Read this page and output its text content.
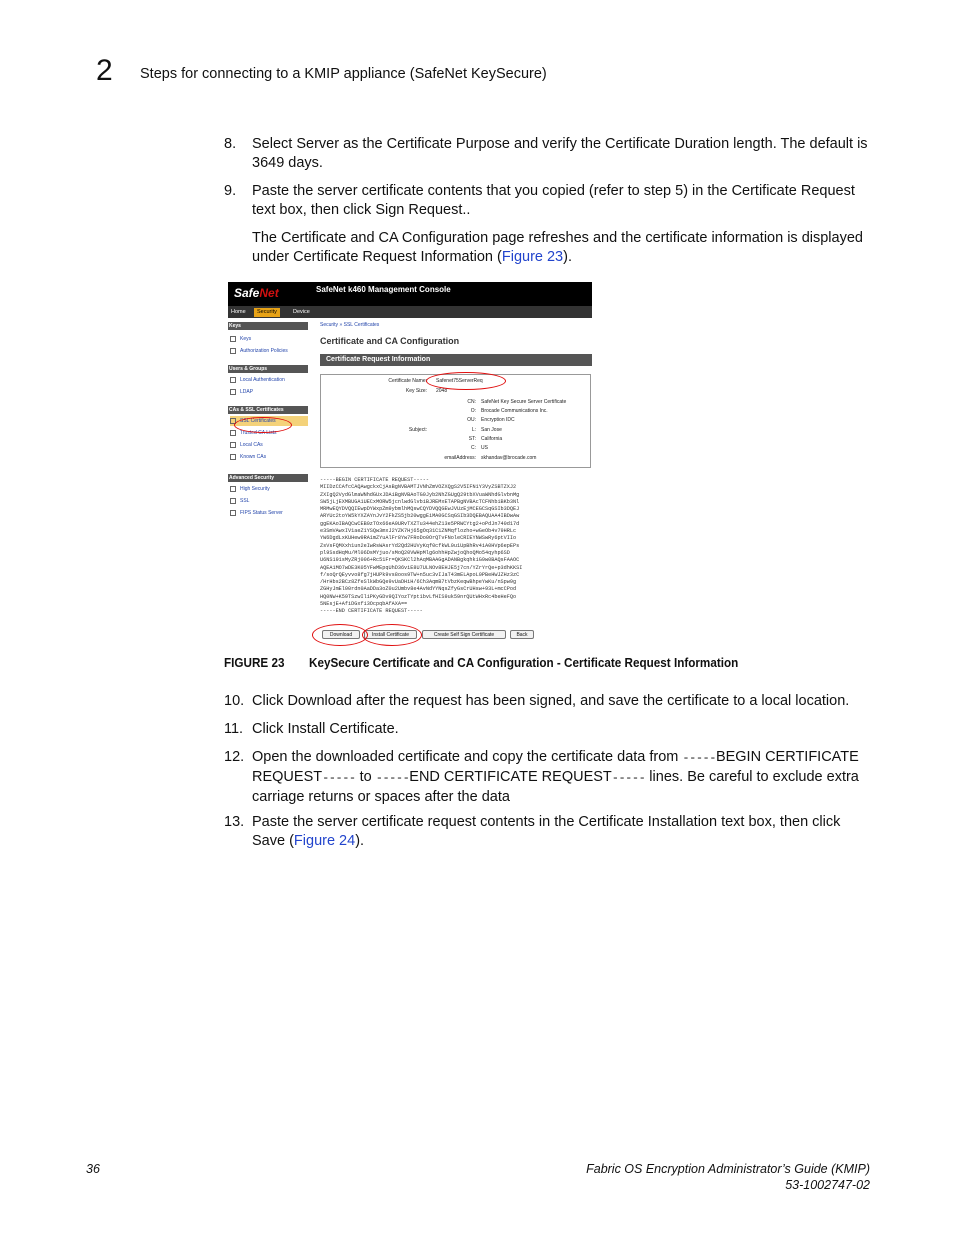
2 Steps for connecting to a KMIP appliance (SafeNet KeySecure)
8. Select Server as the Certificate Purpose and verify the Certificate Duration length. The default is 3649 days.
9. Paste the server certificate contents that you copied (refer to step 5) in the Certificate Request text box, then click Sign Request..
The Certificate and CA Configuration page refreshes and the certificate information is displayed under Certificate Request Information (Figure 23).
SafeNet	SafeNet k460 Management Console
Home	Security	Device
Keys
Keys
Authorization Policies
Users & Groups
Local Authentication
LDAP
CAs & SSL Certificates
SSL Certificates
Trusted CA Lists
Local CAs
Known CAs
Advanced Security
High Security
SSL
FIPS Status Server
Security » SSL Certificates
Certificate and CA Configuration
Certificate Request Information
Certificate Name: Safenet75ServerReq
Key Size: 2048
Subject:
CN: SafeNet Key Secure Server Certificate
O: Brocade Communications Inc.
OU: Encryption IDC
L: San Jose
ST: California
C: US
emailAddress: skhandav@brocade.com
-----BEGIN CERTIFICATE REQUEST-----
MIIDzCCAfcCAQAwgckxCjAsBgNVBAMTJVNhZmVOZXQgS2V5IFN1Y3VyZSBTZXJ2
ZXIgQ2VydGlmaWNhdGUxJDAiBgNVBAoTG0Jyb2NhZGUgQ29tbXVuaWNhdGlvbnMg
SW5jLjEXMBUGA1UECxMORW5jcnlwdGlvbiBJREMxETAPBgNVBAcTCFNhbiBKb3Nl
MRMwEQYDVQQIEwpDYWxpZm9ybmlhMQswCQYDVQQGEwJVUzEjMCEGCSqGSIb3DQEJ
ARYUc2toYW5kYXZAYnJvY2FkZS5jb20wggEiMA0GCSqGSIb3DQEBAQUAA4IBDwAw
ggEKAoIBAQCwCEB0zTOx66eA9URvTXZTu344ehZ13e5PRWCYtg2+oPdJn740d17d
e3SmVAwxIV1aeZ1YSQw3mxJ2YZK7Hj65gOq31C1ZNMqflozho+wGeOb4v79HRLc
YW6DgdLxKUHew9RA1mZYuAlFr8Yw7FRoDo0OrQTvFNoleCRIEYNWSwRy6ptVIIo
ZsVsFQMXxh1un2eIwRsWAsrYd2Qd2HUVyKqf0cfkWL0u1UpBhRv4iA0HVp6epEPs
pl9SsdHqMu/Ml06DsMYjuo/sMoQ20VWHpMlg6ohhHpZwjoQhoQMo54qyhp6SD
U6NS191sMyZRj006+Rc51Fr=QKSKCl2hAqMBAAGgADANBgkqhkiG9w0BAQsFAAOC
AQEA1MO7wDE3K05YFwMEpqUhD36viE8U7ULNOv8EHJE5j7cn/YZrYrQe+p3dhKKSI
f/soQrQEyvvo8fg7jHUPk9vs8oos9TW+n5uc3vIJaT43mELApoL0PBeHWJZHz3zC
/HrHbs2BCz8ZfeSlkWbGQe9vUaDHiH/6Ch3AqmB7tVbzKeqwBhpeYwKu/nSpw9g
ZGHyJmEl00rdn0AaDDa3oZ0u2Umbv8e4AvNdYYNqsZfyGsCrUHsw+93L+mcCPod
HQ0NW+K59TSzwIliPKyGDv9QIYozTYpt1bvLfHIS9uk59nrQUtWHxRc4beHeFQo
5NEsjE+AfiDGxfi3OcpqbAfAXA==
-----END CERTIFICATE REQUEST-----
Download	Install Certificate	Create Self Sign Certificate	Back
FIGURE 23 KeySecure Certificate and CA Configuration - Certificate Request Information
10. Click Download after the request has been signed, and save the certificate to a local location.
11. Click Install Certificate.
12. Open the downloaded certificate and copy the certificate data from -----BEGIN CERTIFICATE REQUEST----- to -----END CERTIFICATE REQUEST----- lines. Be careful to exclude extra carriage returns or spaces after the data
13. Paste the server certificate request contents in the Certificate Installation text box, then click Save (Figure 24).
36	Fabric OS Encryption Administrator’s Guide (KMIP)
53-1002747-02
